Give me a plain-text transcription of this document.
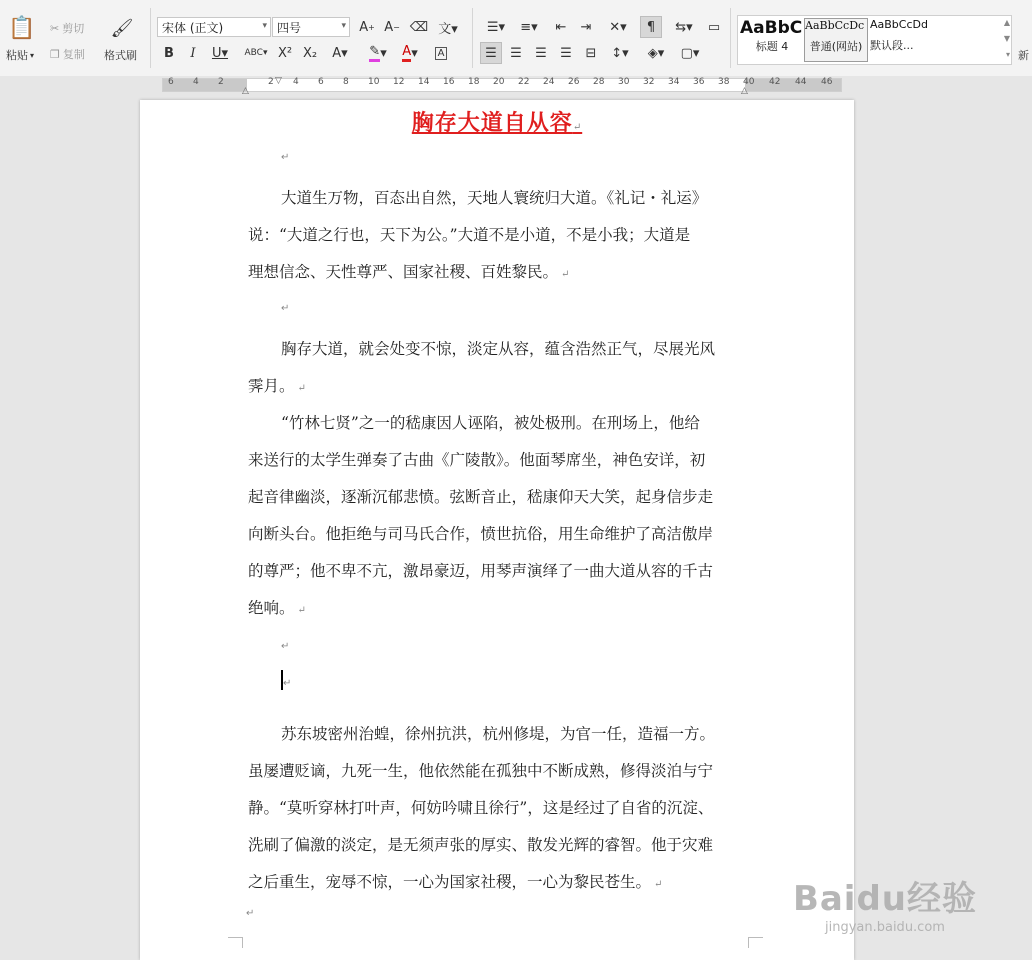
📋
粘贴 ▾
✂ 剪切
❐ 复制
🖌
格式刷
宋体 (正文)	▾ 四号	▾ A + A − ⌫ 文▾
B	I	U▾	ABC▾ X² X₂	A▾	✎ ▾	A ▾	A
☰▾	≡▾	⇤	⇥	✕▾	¶	⇆▾	▭
☰	☰	☰	☰	⊟	↕▾	◈▾	▢▾
AaBbC
标题 4
AaBbCcDc
普通(网站)
AaBbCcDd
默认段...
▲
▼
▾ 新
▽
△	△
6 4 2	2 4 6 8 10 12 14 16 18 20 22 24 26 28 30 32 34 36 38 40 42 44 46
胸存大道自从容↵

大道生万物，百态出自然，天地人寰统归大道。《礼记・礼运》

说：“大道之行也，天下为公。”大道不是小道，不是小我；大道是

理想信念、天性尊严、国家社稷、百姓黎民。 ↵

胸存大道，就会处变不惊，淡定从容，蕴含浩然正气，尽展光风

霁月。 ↵

“竹林七贤”之一的嵇康因人诬陷，被处极刑。在刑场上，他给

来送行的太学生弹奏了古曲《广陵散》。他面琴席坐，神色安详，初

起音律幽淡，逐渐沉郁悲愤。弦断音止，嵇康仰天大笑，起身信步走

向断头台。他拒绝与司马氏合作，愤世抗俗，用生命维护了高洁傲岸

的尊严；他不卑不亢，激昂豪迈，用琴声演绎了一曲大道从容的千古

绝响。 ↵

苏东坡密州治蝗，徐州抗洪，杭州修堤，为官一任，造福一方。

虽屡遭贬谪，九死一生，他依然能在孤独中不断成熟，修得淡泊与宁

静。“莫听穿林打叶声，何妨吟啸且徐行”，这是经过了自省的沉淀、

洗刷了偏激的淡定，是无须声张的厚实、散发光辉的睿智。他于灾难

之后重生，宠辱不惊，一心为国家社稷，一心为黎民苍生。 ↵

↵
↵
↵
↵
↵	Baidu经验
jingyan.baidu.com
